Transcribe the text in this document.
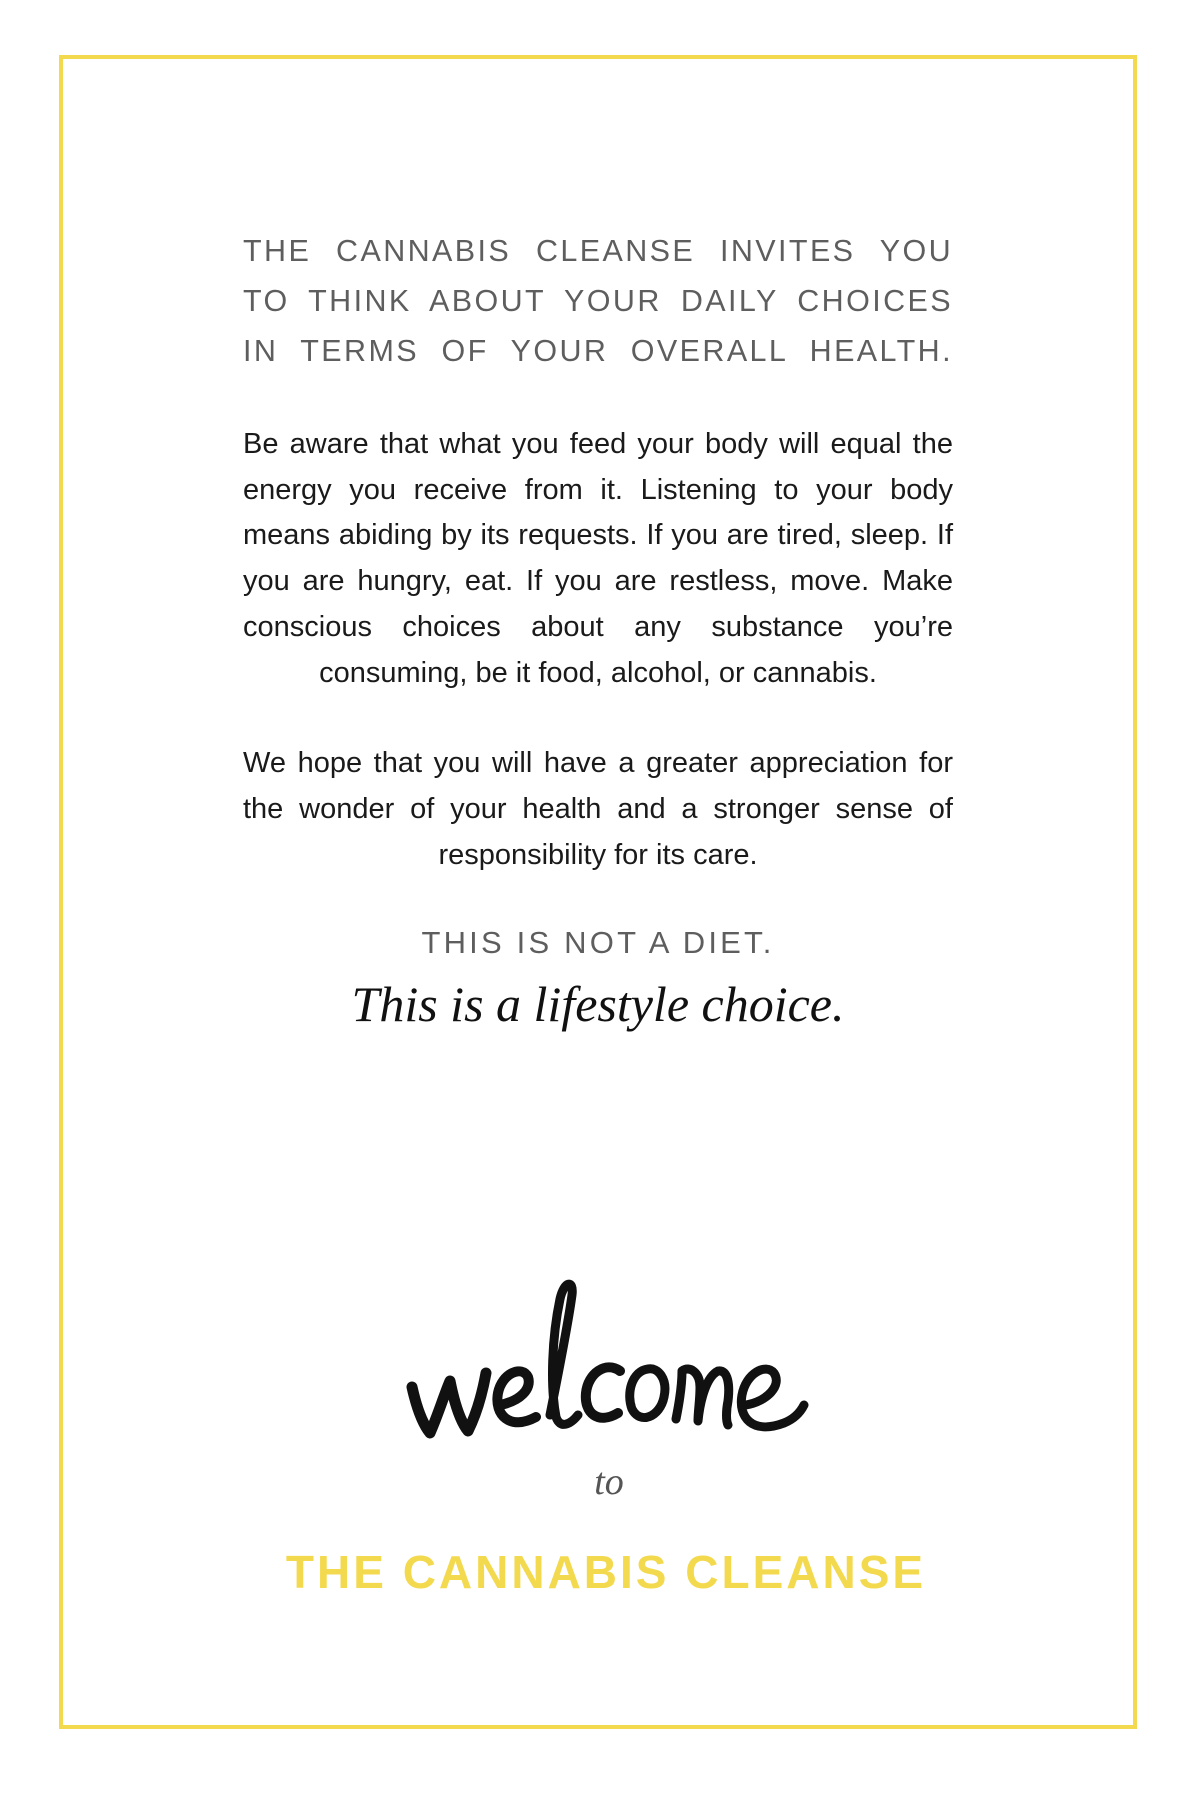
THE CANNABIS CLEANSE INVITES YOU TO THINK ABOUT YOUR DAILY CHOICES IN TERMS OF YOUR OVERALL HEALTH.

Be aware that what you feed your body will equal the energy you receive from it. Listening to your body means abiding by its requests. If you are tired, sleep. If you are hungry, eat. If you are restless, move. Make conscious choices about any substance you’re consuming, be it food, alcohol, or cannabis.

We hope that you will have a greater appreciation for the wonder of your health and a stronger sense of responsibility for its care.

THIS IS NOT A DIET.

This is a lifestyle choice.

to
THE CANNABIS CLEANSE
